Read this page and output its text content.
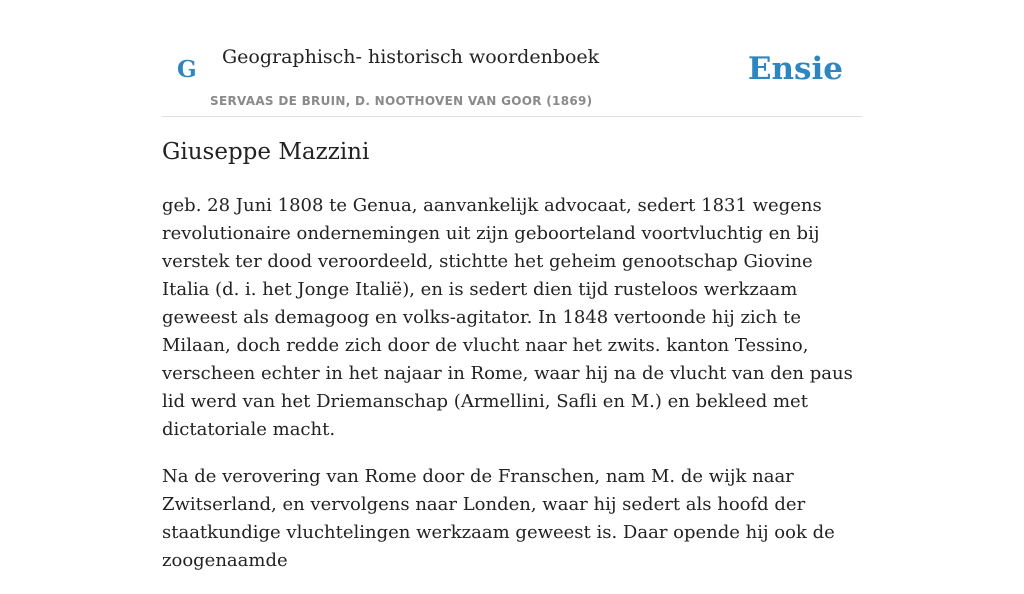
G Geographisch- historisch woordenboek
SERVAAS DE BRUIN, D. NOOTHOVEN VAN GOOR (1869)
Ensie
Giuseppe Mazzini

geb. 28 Juni 1808 te Genua, aanvankelijk advocaat, sedert 1831 wegens revolutionaire ondernemingen uit zijn geboorteland voortvluchtig en bij verstek ter dood veroordeeld, stichtte het geheim genootschap Giovine Italia (d. i. het Jonge Italië), en is sedert dien tijd rusteloos werkzaam geweest als demagoog en volks-agitator. In 1848 vertoonde hij zich te Milaan, doch redde zich door de vlucht naar het zwits. kanton Tessino, verscheen echter in het najaar in Rome, waar hij na de vlucht van den paus lid werd van het Driemanschap (Armellini, Safli en M.) en bekleed met dictatoriale macht.

Na de verovering van Rome door de Franschen, nam M. de wijk naar Zwitserland, en vervolgens naar Londen, waar hij sedert als hoofd der staatkundige vluchtelingen werkzaam geweest is. Daar opende hij ook de zoogenaamde
